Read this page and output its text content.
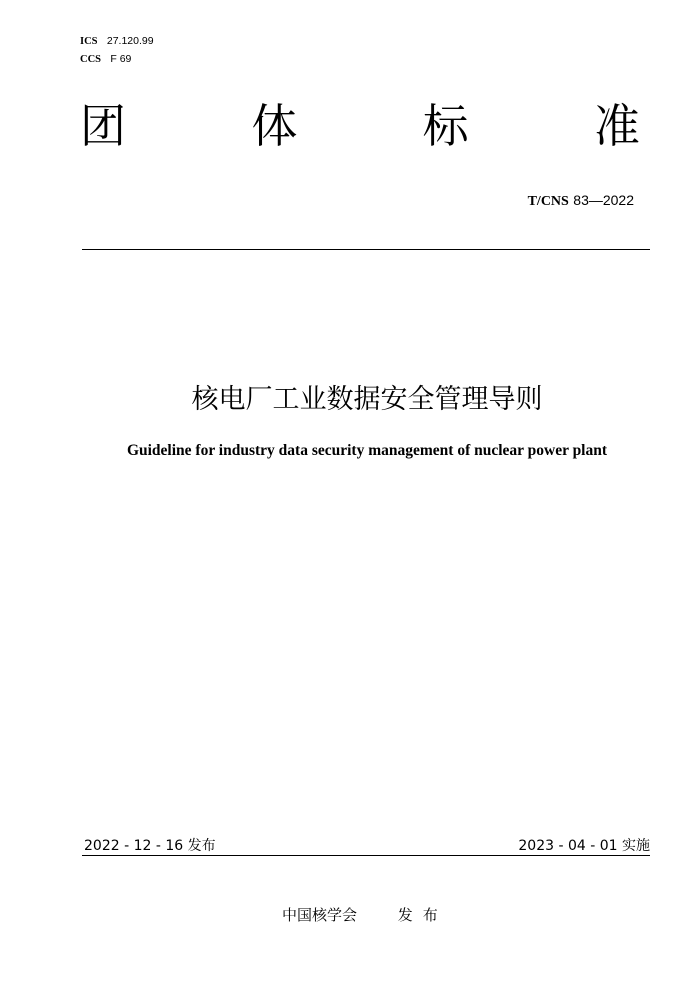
ICS 27.120.99
CCS F 69
团	体	标	准
T/CNS 83—2022
核电厂工业数据安全管理导则
Guideline for industry data security management of nuclear power plant
2022 - 12 - 16 发布	2023 - 04 - 01 实施
中国核学会	发布
